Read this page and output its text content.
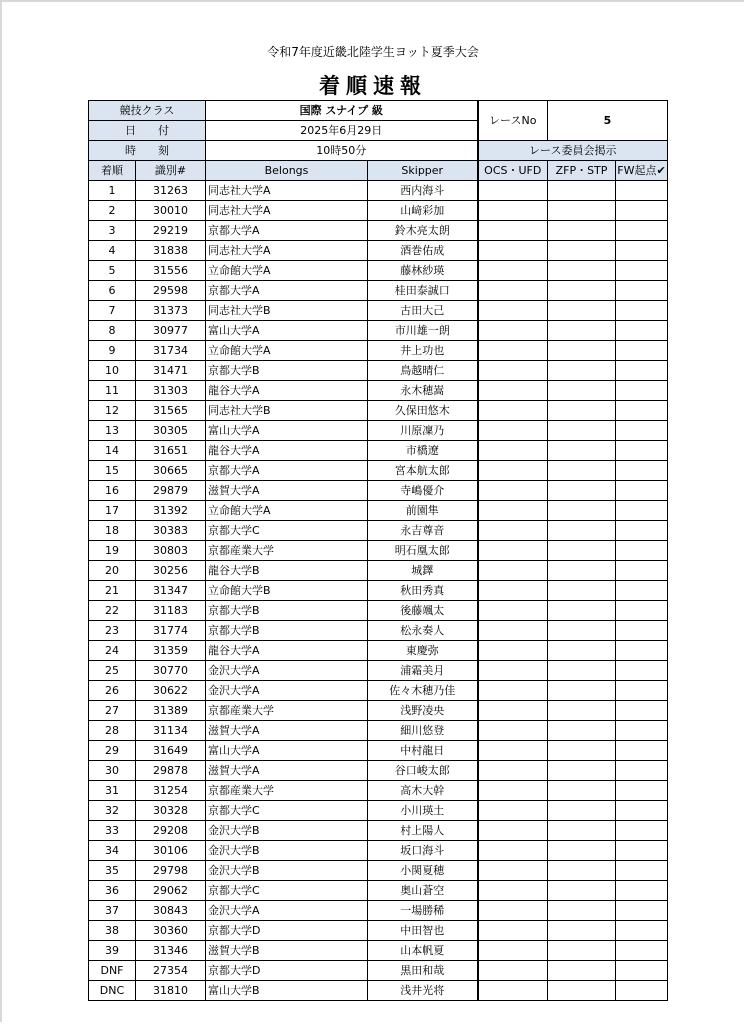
令和7年度近畿北陸学生ヨット夏季大会
着順速報
競技クラス		国際 スナイプ 級		レースNo	5	
日　　付		2025年6月29日				
時　　刻		10時50分		レース委員会掲示		
着順	識別#	Belongs	Skipper	OCS・UFD	ZFP・STP	FW起点✔
1	31263	同志社大学A	西内海斗			
2	30010	同志社大学A	山﨑彩加			
3	29219	京都大学A	鈴木亮太朗			
4	31838	同志社大学A	酒巻佑成			
5	31556	立命館大学A	藤林紗瑛			
6	29598	京都大学A	桂田泰誠口			
7	31373	同志社大学B	古田大己			
8	30977	富山大学A	市川雄一朗			
9	31734	立命館大学A	井上功也			
10	31471	京都大学B	鳥越晴仁			
11	31303	龍谷大学A	永木穂嵩			
12	31565	同志社大学B	久保田悠木			
13	30305	富山大学A	川原凜乃			
14	31651	龍谷大学A	市橋遼			
15	30665	京都大学A	宮本航太郎			
16	29879	滋賀大学A	寺嶋優介			
17	31392	立命館大学A	前園隼			
18	30383	京都大学C	永吉尊音			
19	30803	京都産業大学	明石凰太郎			
20	30256	龍谷大学B	城鐸			
21	31347	立命館大学B	秋田秀真			
22	31183	京都大学B	後藤颯太			
23	31774	京都大学B	松永奏人			
24	31359	龍谷大学A	東慶弥			
25	30770	金沢大学A	浦霜美月			
26	30622	金沢大学A	佐々木穂乃佳			
27	31389	京都産業大学	浅野凌央			
28	31134	滋賀大学A	細川悠登			
29	31649	富山大学A	中村龍日			
30	29878	滋賀大学A	谷口峻太郎			
31	31254	京都産業大学	高木大幹			
32	30328	京都大学C	小川瑛土			
33	29208	金沢大学B	村上陽人			
34	30106	金沢大学B	坂口海斗			
35	29798	金沢大学B	小関夏穂			
36	29062	京都大学C	奥山蒼空			
37	30843	金沢大学A	一場勝稀			
38	30360	京都大学D	中田智也			
39	31346	滋賀大学B	山本帆夏			
DNF	27354	京都大学D	黒田和哉			
DNC	31810	富山大学B	浅井光将			
